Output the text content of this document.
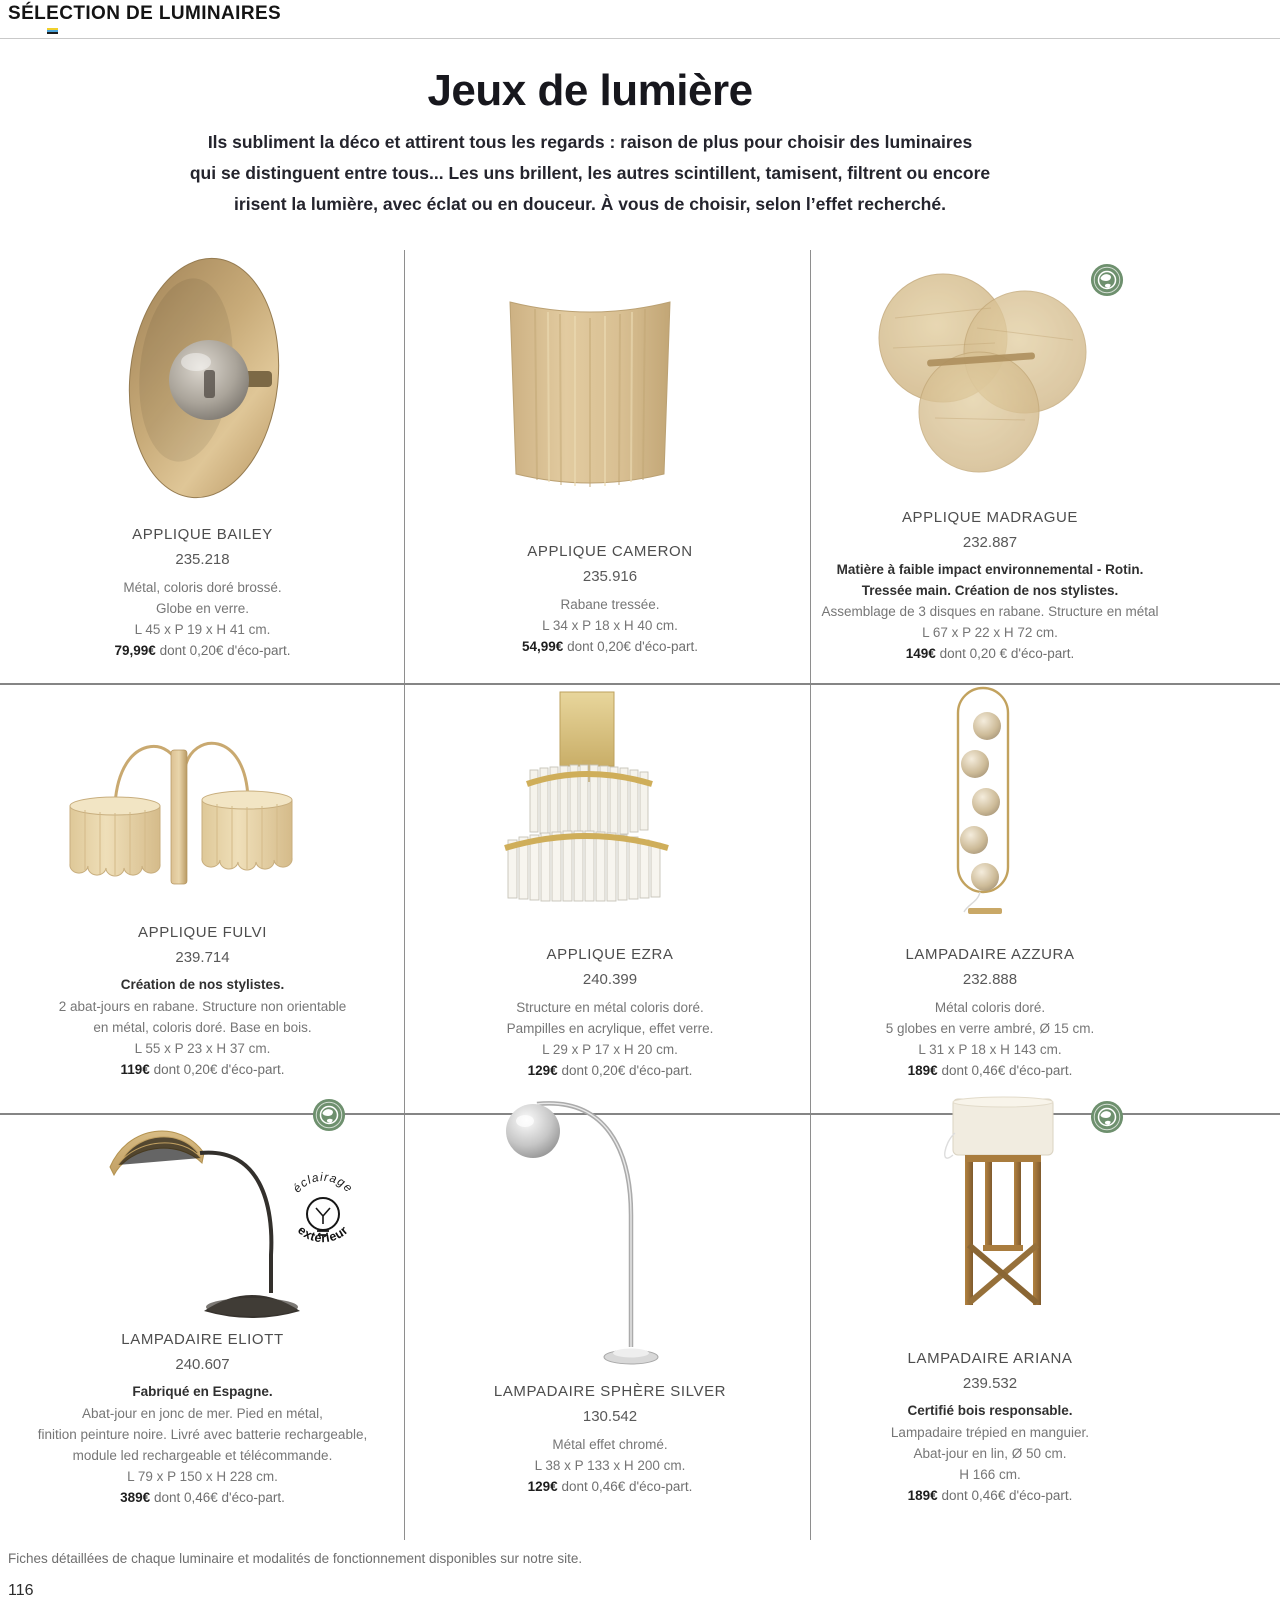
SÉLECTION DE LUMINAIRES
Jeux de lumière
Ils subliment la déco et attirent tous les regards : raison de plus pour choisir des luminaires
qui se distinguent entre tous... Les uns brillent, les autres scintillent, tamisent, filtrent ou encore
irisent la lumière, avec éclat ou en douceur. À vous de choisir, selon l’effet recherché.
APPLIQUE BAILEY
235.218
Métal, coloris doré brossé.
Globe en verre.
L 45 x P 19 x H 41 cm.
79,99€ dont 0,20€ d'éco-part.
APPLIQUE CAMERON
235.916
Rabane tressée.
L 34 x P 18 x H 40 cm.
54,99€ dont 0,20€ d'éco-part.
APPLIQUE MADRAGUE
232.887
Matière à faible impact environnemental - Rotin.
Tressée main. Création de nos stylistes.
Assemblage de 3 disques en rabane. Structure en métal
L 67 x P 22 x H 72 cm.
149€ dont 0,20 € d'éco-part.
APPLIQUE FULVI
239.714
Création de nos stylistes.
2 abat-jours en rabane. Structure non orientable
en métal, coloris doré. Base en bois.
L 55 x P 23 x H 37 cm.
119€ dont 0,20€ d'éco-part.
APPLIQUE EZRA
240.399
Structure en métal coloris doré.
Pampilles en acrylique, effet verre.
L 29 x P 17 x H 20 cm.
129€ dont 0,20€ d'éco-part.
LAMPADAIRE AZZURA
232.888
Métal coloris doré.
5 globes en verre ambré, Ø 15 cm.
L 31 x P 18 x H 143 cm.
189€ dont 0,46€ d'éco-part.
éclairage
extérieur
LAMPADAIRE ELIOTT
240.607
Fabriqué en Espagne.
Abat-jour en jonc de mer. Pied en métal,
finition peinture noire. Livré avec batterie rechargeable,
module led rechargeable et télécommande.
L 79 x P 150 x H 228 cm.
389€ dont 0,46€ d'éco-part.
LAMPADAIRE SPHÈRE SILVER
130.542
Métal effet chromé.
L 38 x P 133 x H 200 cm.
129€ dont 0,46€ d'éco-part.
LAMPADAIRE ARIANA
239.532
Certifié bois responsable.
Lampadaire trépied en manguier.
Abat-jour en lin, Ø 50 cm.
H 166 cm.
189€ dont 0,46€ d'éco-part.
Fiches détaillées de chaque luminaire et modalités de fonctionnement disponibles sur notre site.
116
